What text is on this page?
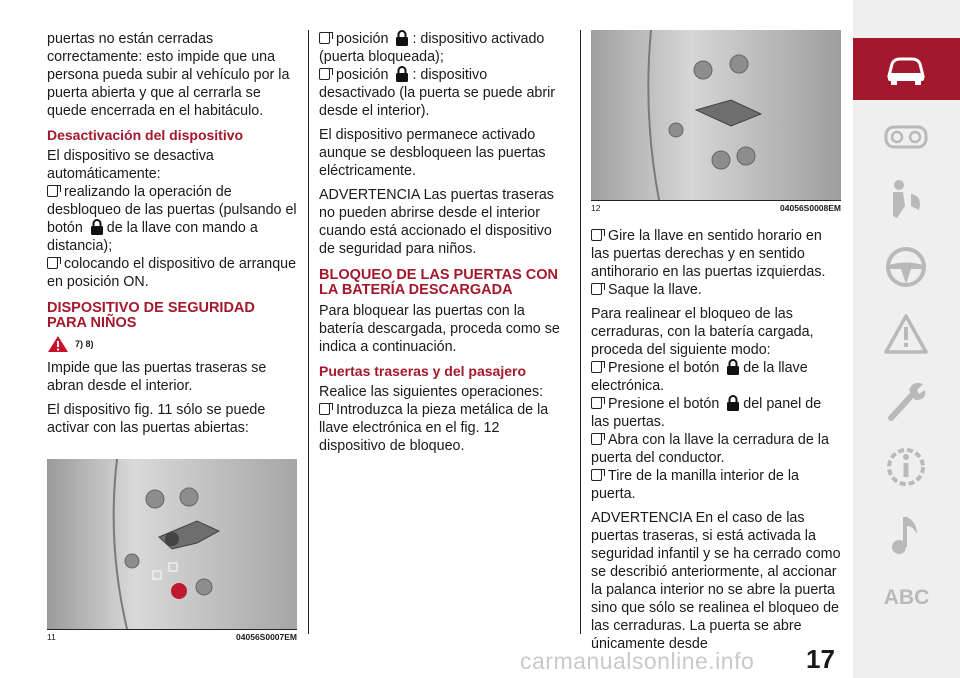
puertas no están cerradas correctamente: esto impide que una persona pueda subir al vehículo por la puerta abierta y que al cerrarla se quede encerrada en el habitáculo.

Desactivación del dispositivo

El dispositivo se desactiva automáticamente:

realizando la operación de desbloqueo de las puertas (pulsando el botón de la llave con mando a distancia);
colocando el dispositivo de arranque en posición ON.
DISPOSITIVO DE SEGURIDAD PARA NIÑOS
7) 8)

Impide que las puertas traseras se abran desde el interior.

El dispositivo fig. 11 sólo se puede activar con las puertas abiertas:

11	04056S0007EM
posición : dispositivo activado (puerta bloqueada);
posición : dispositivo desactivado (la puerta se puede abrir desde el interior).

El dispositivo permanece activado aunque se desbloqueen las puertas eléctricamente.

ADVERTENCIA Las puertas traseras no pueden abrirse desde el interior cuando está accionado el dispositivo de seguridad para niños.

BLOQUEO DE LAS PUERTAS CON LA BATERÍA DESCARGADA

Para bloquear las puertas con la batería descargada, proceda como se indica a continuación.

Puertas traseras y del pasajero

Realice las siguientes operaciones:

Introduzca la pieza metálica de la llave electrónica en el fig. 12 dispositivo de bloqueo.
12	04056S0008EM
Gire la llave en sentido horario en las puertas derechas y en sentido antihorario en las puertas izquierdas.
Saque la llave.

Para realinear el bloqueo de las cerraduras, con la batería cargada, proceda del siguiente modo:

Presione el botón de la llave electrónica.
Presione el botón del panel de las puertas.
Abra con la llave la cerradura de la puerta del conductor.
Tire de la manilla interior de la puerta.

ADVERTENCIA En el caso de las puertas traseras, si está activada la seguridad infantil y se ha cerrado como se describió anteriormente, al accionar la palanca interior no se abre la puerta sino que sólo se realinea el bloqueo de las cerraduras. La puerta se abre únicamente desde

ABC
carmanualsonline.info 17
